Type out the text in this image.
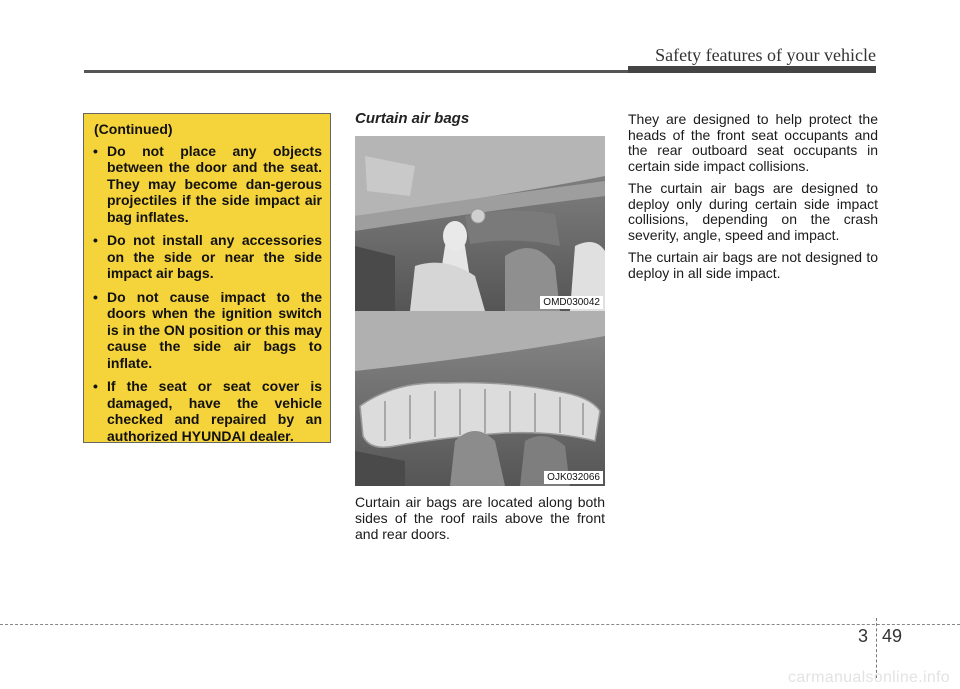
Safety features of your vehicle
(Continued)
• Do not place any objects between the door and the seat. They may become dan-gerous projectiles if the side impact air bag inflates.
• Do not install any accessories on the side or near the side impact air bags.
• Do not cause impact to the doors when the ignition switch is in the ON position or this may cause the side air bags to inflate.
• If the seat or seat cover is damaged, have the vehicle checked and repaired by an authorized HYUNDAI dealer.
Curtain air bags
OMD030042
OJK032066
Curtain air bags are located along both sides of the roof rails above the front and rear doors.

They are designed to help protect the heads of the front seat occupants and the rear outboard seat occupants in certain side impact collisions.

The curtain air bags are designed to deploy only during certain side impact collisions, depending on the crash severity, angle, speed and impact.

The curtain air bags are not designed to deploy in all side impact.

3 49
carmanualsonline.info
